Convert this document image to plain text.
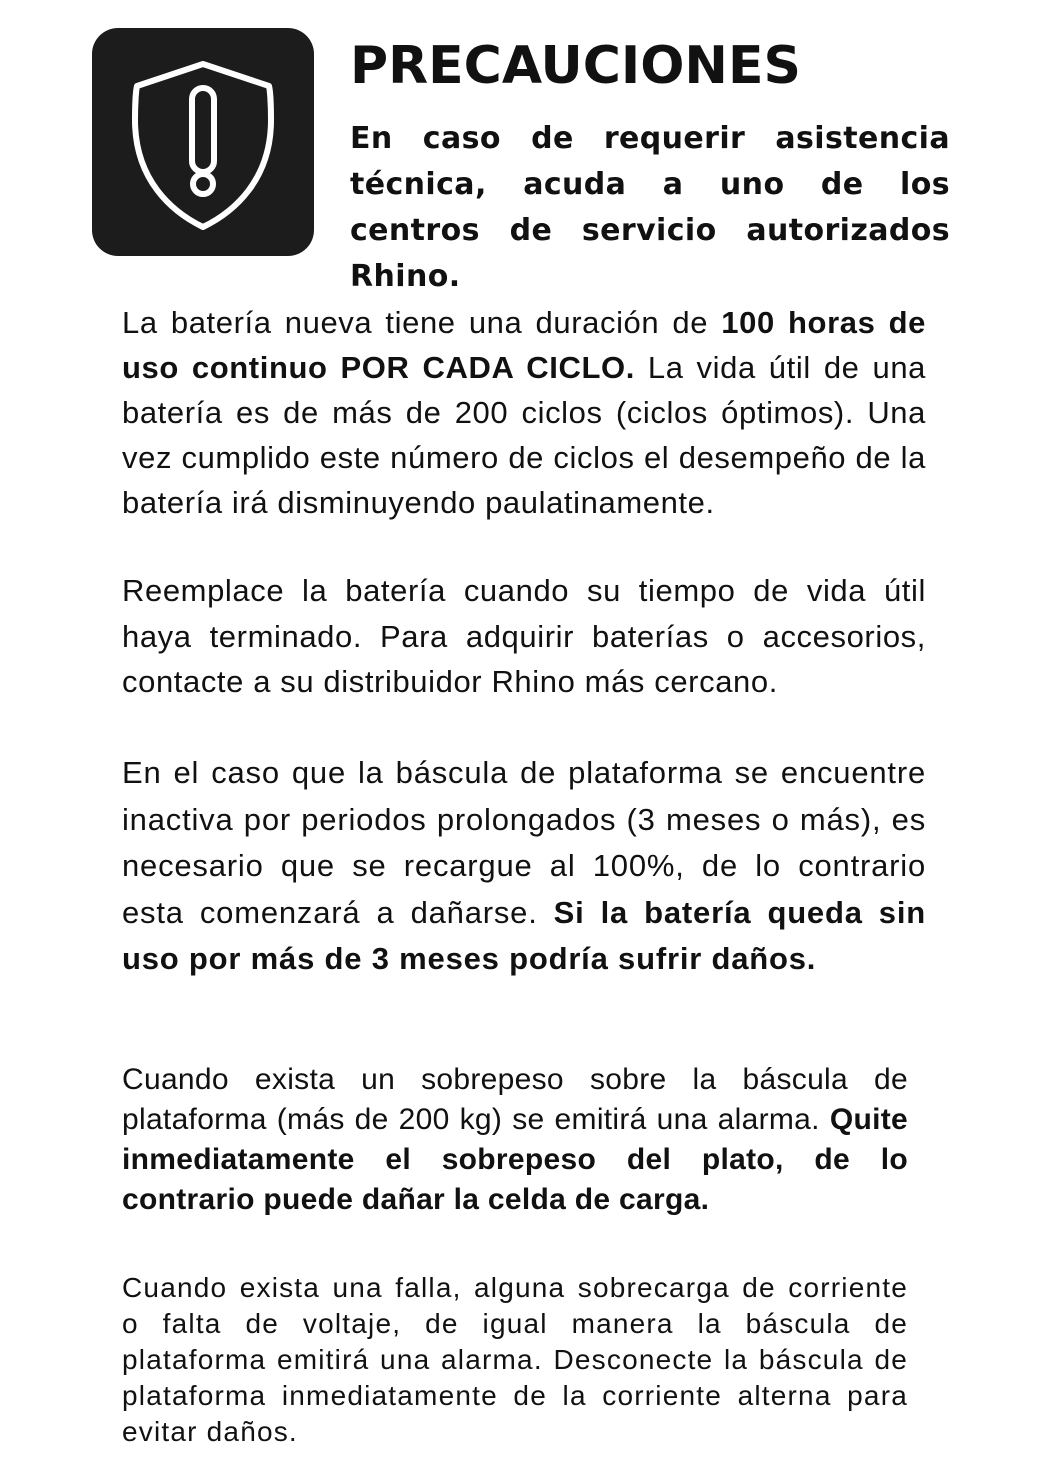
PRECAUCIONES

En caso de requerir asistencia técnica, acuda a uno de los centros de servicio autorizados Rhino.

La batería nueva tiene una duración de 100 horas de uso continuo POR CADA CICLO. La vida útil de una batería es de más de 200 ciclos (ciclos óptimos). Una vez cumplido este número de ciclos el desempeño de la batería irá disminuyendo paulatinamente.

Reemplace la batería cuando su tiempo de vida útil haya terminado. Para adquirir baterías o accesorios, contacte a su distribuidor Rhino más cercano.

En el caso que la báscula de plataforma se encuentre inactiva por periodos prolongados (3 meses o más), es necesario que se recargue al 100%, de lo contrario esta comenzará a dañarse. Si la batería queda sin uso por más de 3 meses podría sufrir daños.

Cuando exista un sobrepeso sobre la báscula de plataforma (más de 200 kg) se emitirá una alarma. Quite inmediatamente el sobrepeso del plato, de lo contrario puede dañar la celda de carga.

Cuando exista una falla, alguna sobrecarga de corriente o falta de voltaje, de igual manera la báscula de plataforma emitirá una alarma. Desconecte la báscula de plataforma inmediatamente de la corriente alterna para evitar daños.
